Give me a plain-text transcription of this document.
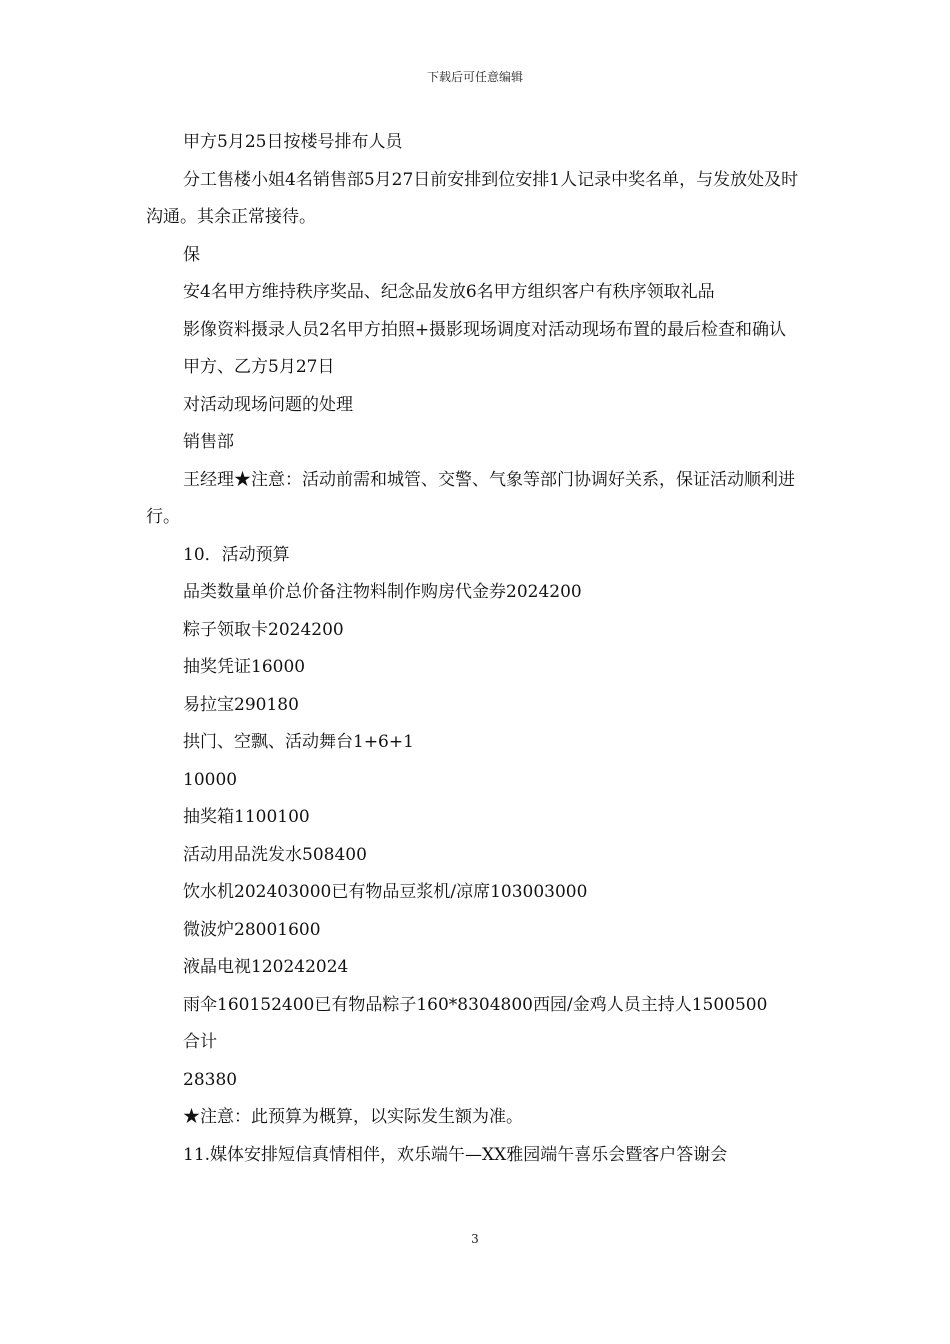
下载后可任意编辑

甲方5月25日按楼号排布人员

分工售楼小姐4名销售部5月27日前安排到位安排1人记录中奖名单，与发放处及时沟通。其余正常接待。

保

安4名甲方维持秩序奖品、纪念品发放6名甲方组织客户有秩序领取礼品

影像资料摄录人员2名甲方拍照+摄影现场调度对活动现场布置的最后检查和确认

甲方、乙方5月27日

对活动现场问题的处理

销售部

王经理★注意：活动前需和城管、交警、气象等部门协调好关系，保证活动顺利进行。

10．活动预算

品类数量单价总价备注物料制作购房代金券2024200

粽子领取卡2024200

抽奖凭证16000

易拉宝290180

拱门、空飘、活动舞台1+6+1

10000

抽奖箱1100100

活动用品洗发水508400

饮水机202403000已有物品豆浆机/凉席103003000

微波炉28001600

液晶电视120242024

雨伞160152400已有物品粽子160*8304800西园/金鸡人员主持人1500500

合计

28380

★注意：此预算为概算，以实际发生额为准。

11.媒体安排短信真情相伴，欢乐端午—XX雅园端午喜乐会暨客户答谢会

3
